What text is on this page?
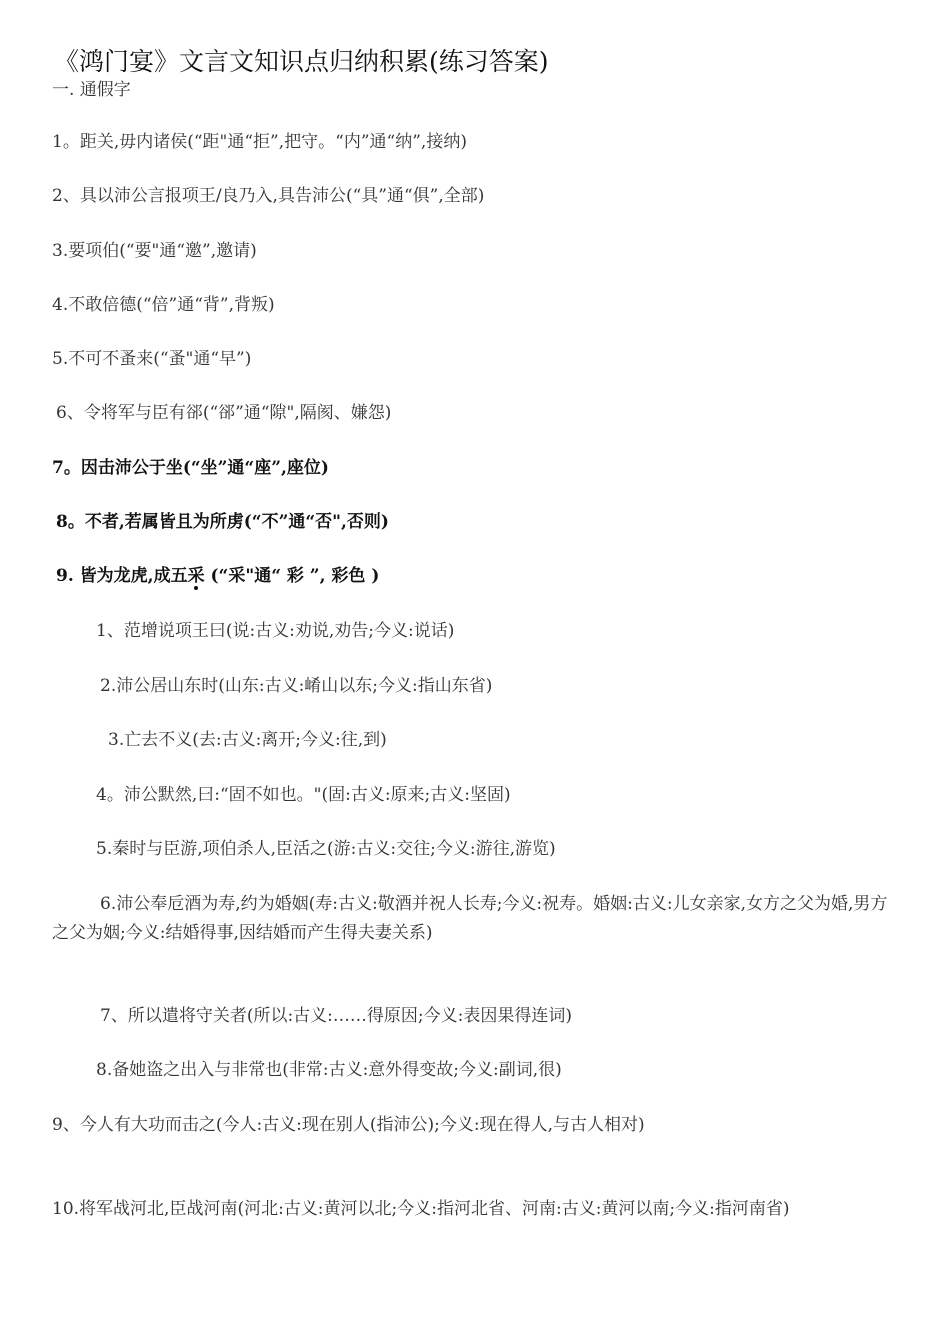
《鸿门宴》文言文知识点归纳积累(练习答案)
一. 通假字
1。距关,毋内诸侯(“距"通“拒”,把守。“内”通“纳”,接纳)
2、具以沛公言报项王/良乃入,具告沛公(“具”通“俱”,全部)
3.要项伯(“要"通“邀”,邀请)
4.不敢倍德(“倍”通“背”,背叛)
5.不可不蚤来(“蚤"通“早”)
6、令将军与臣有郤(“郤”通“隙",隔阂、嫌怨)
7。因击沛公于坐(“坐”通“座”,座位)
8。不者,若属皆且为所虏(“不”通“否",否则)
9. 皆为龙虎,成五采 (“采"通“ 彩 ”, 彩色 )
1、范增说项王曰(说:古义:劝说,劝告;今义:说话)
2.沛公居山东时(山东:古义:崤山以东;今义:指山东省)
3.亡去不义(去:古义:离开;今义:往,到)
4。沛公默然,曰:“固不如也。"(固:古义:原来;古义:坚固)
5.秦时与臣游,项伯杀人,臣活之(游:古义:交往;今义:游往,游览)
6.沛公奉卮酒为寿,约为婚姻(寿:古义:敬酒并祝人长寿;今义:祝寿。婚姻:古义:儿女亲家,女方之父为婚,男方之父为姻;今义:结婚得事,因结婚而产生得夫妻关系)
7、所以遣将守关者(所以:古义:……得原因;今义:表因果得连词)
8.备她盗之出入与非常也(非常:古义:意外得变故;今义:副词,很)
9、今人有大功而击之(今人:古义:现在别人(指沛公);今义:现在得人,与古人相对)
10.将军战河北,臣战河南(河北:古义:黄河以北;今义:指河北省、河南:古义:黄河以南;今义:指河南省)
